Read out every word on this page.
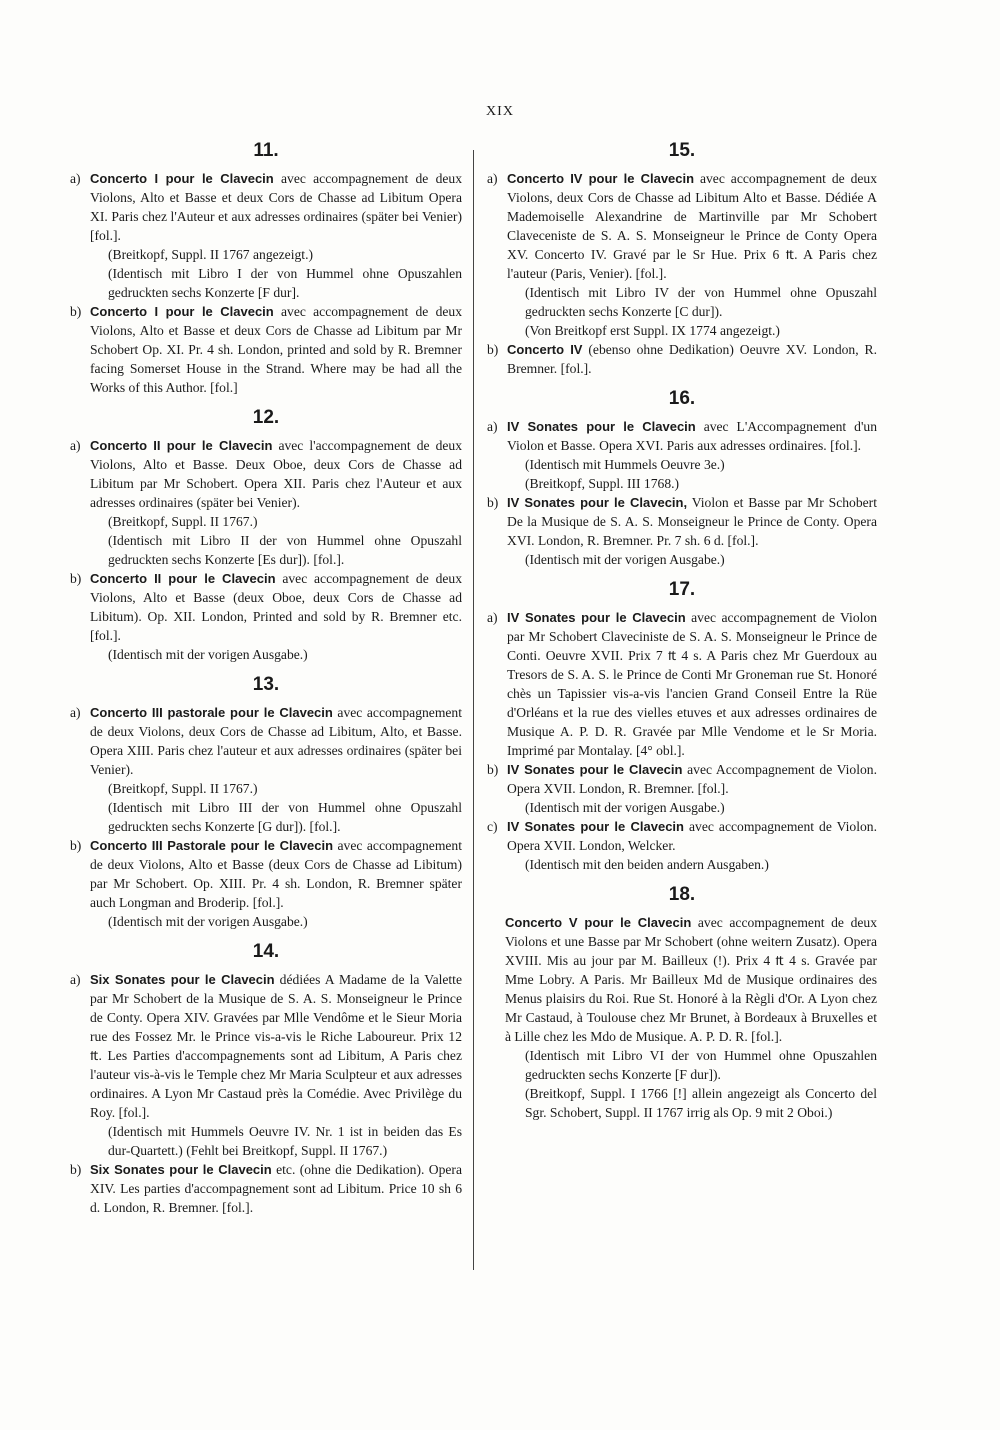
XIX
11.
a) Concerto I pour le Clavecin avec accompagnement de deux Violons, Alto et Basse et deux Cors de Chasse ad Libitum Opera XI. Paris chez l'Auteur et aux adresses ordinaires (später bei Venier) [fol.].
(Breitkopf, Suppl. II 1767 angezeigt.)
(Identisch mit Libro I der von Hummel ohne Opuszahlen gedruckten sechs Konzerte [F dur].
b) Concerto I pour le Clavecin avec accompagnement de deux Violons, Alto et Basse et deux Cors de Chasse ad Libitum par Mr Schobert Op. XI. Pr. 4 sh. London, printed and sold by R. Bremner facing Somerset House in the Strand. Where may be had all the Works of this Author. [fol.]
12.
a) Concerto II pour le Clavecin avec l'accompagnement de deux Violons, Alto et Basse. Deux Oboe, deux Cors de Chasse ad Libitum par Mr Schobert. Opera XII. Paris chez l'Auteur et aux adresses ordinaires (später bei Venier).
(Breitkopf, Suppl. II 1767.)
(Identisch mit Libro II der von Hummel ohne Opuszahl gedruckten sechs Konzerte [Es dur]). [fol.].
b) Concerto II pour le Clavecin avec accompagnement de deux Violons, Alto et Basse (deux Oboe, deux Cors de Chasse ad Libitum). Op. XII. London, Printed and sold by R. Bremner etc. [fol.].
(Identisch mit der vorigen Ausgabe.)
13.
a) Concerto III pastorale pour le Clavecin avec accompagnement de deux Violons, deux Cors de Chasse ad Libitum, Alto, et Basse. Opera XIII. Paris chez l'auteur et aux adresses ordinaires (später bei Venier).
(Breitkopf, Suppl. II 1767.)
(Identisch mit Libro III der von Hummel ohne Opuszahl gedruckten sechs Konzerte [G dur]). [fol.].
b) Concerto III Pastorale pour le Clavecin avec accompagnement de deux Violons, Alto et Basse (deux Cors de Chasse ad Libitum) par Mr Schobert. Op. XIII. Pr. 4 sh. London, R. Bremner später auch Longman and Broderip. [fol.].
(Identisch mit der vorigen Ausgabe.)
14.
a) Six Sonates pour le Clavecin dédiées A Madame de la Valette par Mr Schobert de la Musique de S. A. S. Monseigneur le Prince de Conty. Opera XIV. Gravées par Mlle Vendôme et le Sieur Moria rue des Fossez Mr. le Prince vis-a-vis le Riche Laboureur. Prix 12 ₶. Les Parties d'accompagnements sont ad Libitum, A Paris chez l'auteur vis-à-vis le Temple chez Mr Maria Sculpteur et aux adresses ordinaires. A Lyon Mr Castaud près la Comédie. Avec Privilège du Roy. [fol.].
(Identisch mit Hummels Oeuvre IV. Nr. 1 ist in beiden das Es dur-Quartett.) (Fehlt bei Breitkopf, Suppl. II 1767.)
b) Six Sonates pour le Clavecin etc. (ohne die Dedikation). Opera XIV. Les parties d'accompagnement sont ad Libitum. Price 10 sh 6 d. London, R. Bremner. [fol.].
15.
a) Concerto IV pour le Clavecin avec accompagnement de deux Violons, deux Cors de Chasse ad Libitum Alto et Basse. Dédiée A Mademoiselle Alexandrine de Martinville par Mr Schobert Claveceniste de S. A. S. Monseigneur le Prince de Conty Opera XV. Concerto IV. Gravé par le Sr Hue. Prix 6 ₶. A Paris chez l'auteur (Paris, Venier). [fol.].
(Identisch mit Libro IV der von Hummel ohne Opuszahl gedruckten sechs Konzerte [C dur]).
(Von Breitkopf erst Suppl. IX 1774 angezeigt.)
b) Concerto IV (ebenso ohne Dedikation) Oeuvre XV. London, R. Bremner. [fol.].
16.
a) IV Sonates pour le Clavecin avec L'Accompagnement d'un Violon et Basse. Opera XVI. Paris aux adresses ordinaires. [fol.].
(Identisch mit Hummels Oeuvre 3e.)
(Breitkopf, Suppl. III 1768.)
b) IV Sonates pour le Clavecin, Violon et Basse par Mr Schobert De la Musique de S. A. S. Monseigneur le Prince de Conty. Opera XVI. London, R. Bremner. Pr. 7 sh. 6 d. [fol.].
(Identisch mit der vorigen Ausgabe.)
17.
a) IV Sonates pour le Clavecin avec accompagnement de Violon par Mr Schobert Claveciniste de S. A. S. Monseigneur le Prince de Conti. Oeuvre XVII. Prix 7 ₶ 4 s. A Paris chez Mr Guerdoux au Tresors de S. A. S. le Prince de Conti Mr Groneman rue St. Honoré chès un Tapissier vis-a-vis l'ancien Grand Conseil Entre la Rüe d'Orléans et la rue des vielles etuves et aux adresses ordinaires de Musique A. P. D. R. Gravée par Mlle Vendome et le Sr Moria. Imprimé par Montalay. [4° obl.].
b) IV Sonates pour le Clavecin avec Accompagnement de Violon. Opera XVII. London, R. Bremner. [fol.].
(Identisch mit der vorigen Ausgabe.)
c) IV Sonates pour le Clavecin avec accompagnement de Violon. Opera XVII. London, Welcker.
(Identisch mit den beiden andern Ausgaben.)
18.
Concerto V pour le Clavecin avec accompagnement de deux Violons et une Basse par Mr Schobert (ohne weitern Zusatz). Opera XVIII. Mis au jour par M. Bailleux (!). Prix 4 ₶ 4 s. Gravée par Mme Lobry. A Paris. Mr Bailleux Md de Musique ordinaires des Menus plaisirs du Roi. Rue St. Honoré à la Règli d'Or. A Lyon chez Mr Castaud, à Toulouse chez Mr Brunet, à Bordeaux à Bruxelles et à Lille chez les Mdo de Musique. A. P. D. R. [fol.].
(Identisch mit Libro VI der von Hummel ohne Opuszahlen gedruckten sechs Konzerte [F dur]).
(Breitkopf, Suppl. I 1766 [!] allein angezeigt als Concerto del Sgr. Schobert, Suppl. II 1767 irrig als Op. 9 mit 2 Oboi.)
